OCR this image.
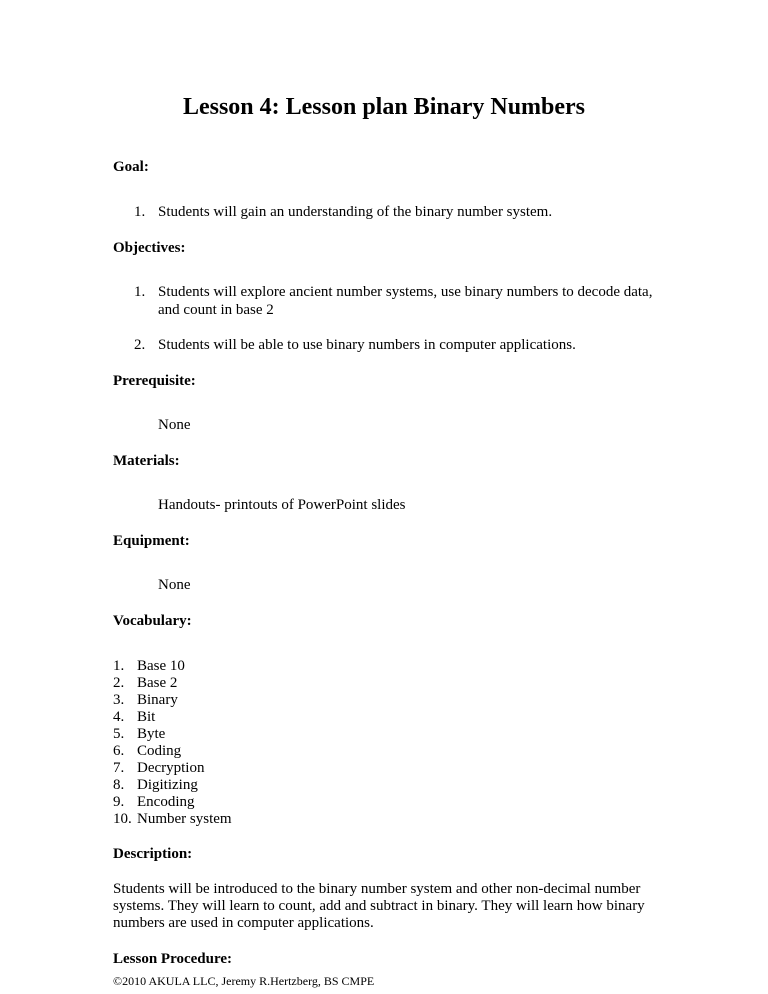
Lesson 4: Lesson plan Binary Numbers
Goal:
1. Students will gain an understanding of the binary number system.
Objectives:
1. Students will explore ancient number systems, use binary numbers to decode data,
and count in base 2
2. Students will be able to use binary numbers in computer applications.
Prerequisite:
None
Materials:
Handouts- printouts of PowerPoint slides
Equipment:
None
Vocabulary:
1. Base 10
2. Base 2
3. Binary
4. Bit
5. Byte
6. Coding
7. Decryption
8. Digitizing
9. Encoding
10. Number system
Description:
Students will be introduced to the binary number system and other non-decimal number
systems. They will learn to count, add and subtract in binary. They will learn how binary
numbers are used in computer applications.
Lesson Procedure:
©2010 AKULA LLC, Jeremy R.Hertzberg, BS CMPE
